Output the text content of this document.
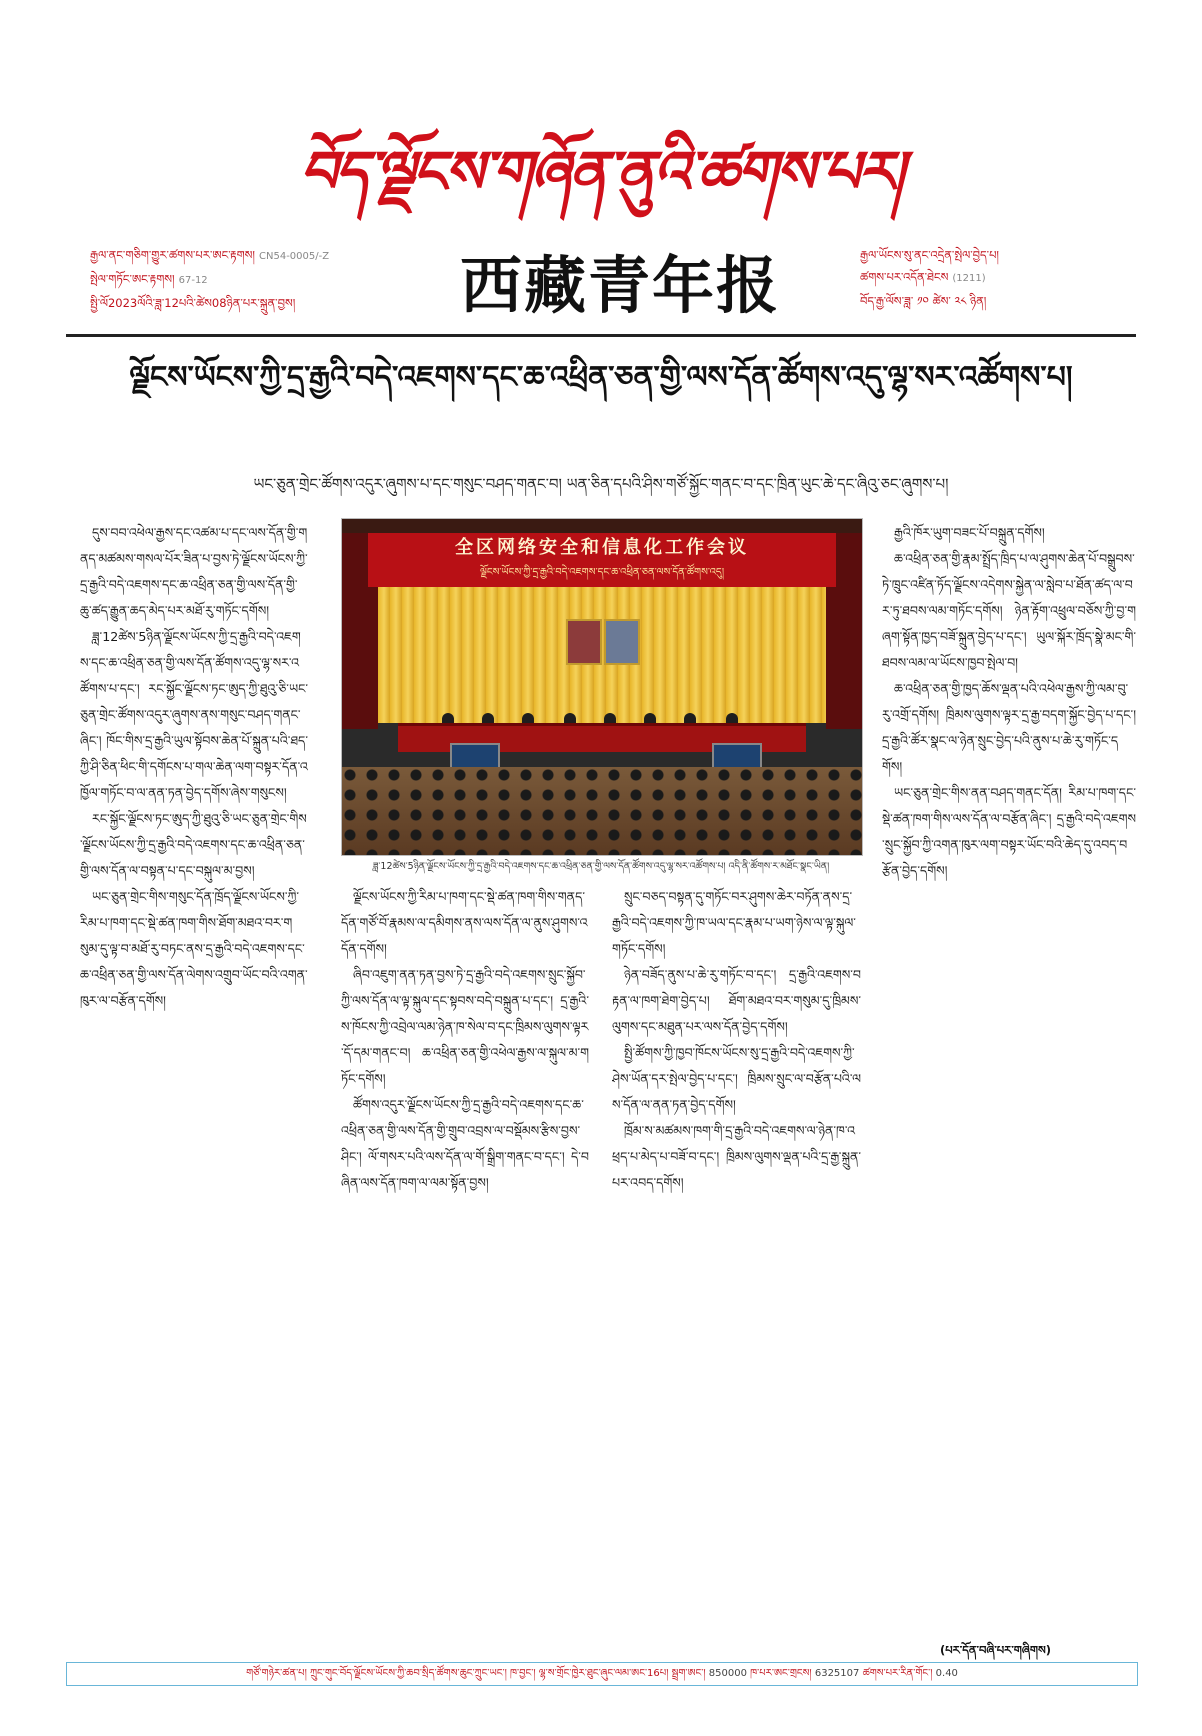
བོད་ལྗོངས་གཞོན་ནུའི་ཚགས་པར།
རྒྱལ་ནང་གཅིག་གྱུར་ཚགས་པར་ཨང་རྟགས། CN54-0005/-Z
སྤེལ་གཏོང་ཨང་རྟགས། 67-12
སྤྱི་ལོ2023ལོའི་ཟླ་12པའི་ཚེས08ཉིན་པར་སྐྲུན་བྱས།	西藏青年报	རྒྱལ་ཡོངས་སུ་ནང་འདྲེན་སྤེལ་བྱེད་པ།
ཚགས་པར་འདོན་ཐེངས (1211)
བོད་རྒྱ་ལོས་ཟླ་ ༡༠ ཚེས་ ༢༨ ཉིན།
ལྗོངས་ཡོངས་ཀྱི་དྲ་རྒྱའི་བདེ་འཇགས་དང་ཆ་འཕྲིན་ཅན་གྱི་ལས་དོན་ཚོགས་འདུ་ལྷ་སར་འཚོགས་པ།
ཡང་ཅུན་གྲེང་ཚོགས་འདུར་ཞུགས་པ་དང་གསུང་བཤད་གནང་བ། ཡན་ཅིན་དཔའི་ཤིས་གཙོ་སྐྱོང་གནང་བ་དང་ཁྲིན་ཡུང་ཆེ་དང་ཞིའུ་ཅང་ཞུགས་པ།

དུས་བབ་འཕེལ་རྒྱས་དང་འཚམ་པ་དང་ལས་དོན་གྱི་གནད་མཚམས་གསལ་པོར་ཟིན་པ་བྱས་ཏེ་ལྗོངས་ཡོངས་ཀྱི་དྲ་རྒྱའི་བདེ་འཇགས་དང་ཆ་འཕྲིན་ཅན་གྱི་ལས་དོན་གྱི་ཆུ་ཚད་རྒྱུན་ཆད་མེད་པར་མཐོ་རུ་གཏོང་དགོས།

ཟླ་12ཚེས་5ཉིན་ལྗོངས་ཡོངས་ཀྱི་དྲ་རྒྱའི་བདེ་འཇགས་དང་ཆ་འཕྲིན་ཅན་གྱི་ལས་དོན་ཚོགས་འདུ་ལྷ་སར་འཚོགས་པ་དང་། རང་སྐྱོང་ལྗོངས་ཏང་ཨུད་ཀྱི་ཐུའུ་ཅི་ཡང་ཅུན་གྲེང་ཚོགས་འདུར་ཞུགས་ནས་གསུང་བཤད་གནང་ཞིང་། ཁོང་གིས་དྲ་རྒྱའི་ཡུལ་སྟོབས་ཆེན་པོ་སྐྲུན་པའི་ཐད་ཀྱི་ཤི་ཅིན་ཕིང་གི་དགོངས་པ་གལ་ཆེན་ལག་བསྟར་དོན་འཁྱོལ་གཏོང་བ་ལ་ནན་ཏན་བྱེད་དགོས་ཞེས་གསུངས།

རང་སྐྱོང་ལྗོངས་ཏང་ཨུད་ཀྱི་ཐུའུ་ཅི་ཡང་ཅུན་གྲེང་གིས་ལྗོངས་ཡོངས་ཀྱི་དྲ་རྒྱའི་བདེ་འཇགས་དང་ཆ་འཕྲིན་ཅན་གྱི་ལས་དོན་ལ་བསྟན་པ་དང་བསྐུལ་མ་བྱས།

ཡང་ཅུན་གྲེང་གིས་གསུང་དོན་ཁྲོད་ལྗོངས་ཡོངས་ཀྱི་རིམ་པ་ཁག་དང་སྡེ་ཚན་ཁག་གིས་ཐོག་མཐའ་བར་གསུམ་དུ་ལྟ་བ་མཐོ་རུ་བཏང་ནས་དྲ་རྒྱའི་བདེ་འཇགས་དང་ཆ་འཕྲིན་ཅན་གྱི་ལས་དོན་ལེགས་འགྲུབ་ཡོང་བའི་འགན་ཁུར་ལ་བརྩོན་དགོས།

全区网络安全和信息化工作会议
ལྗོངས་ཡོངས་ཀྱི་དྲ་རྒྱའི་བདེ་འཇགས་དང་ཆ་འཕྲིན་ཅན་ལས་དོན་ཚོགས་འདུ།
ཟླ་12ཚེས་5ཉིན་ལྗོངས་ཡོངས་ཀྱི་དྲ་རྒྱའི་བདེ་འཇགས་དང་ཆ་འཕྲིན་ཅན་གྱི་ལས་དོན་ཚོགས་འདུ་ལྷ་སར་འཚོགས་པ། འདི་ནི་ཚོགས་ར་མཐོང་སྣང་ཡིན།

ལྗོངས་ཡོངས་ཀྱི་རིམ་པ་ཁག་དང་སྡེ་ཚན་ཁག་གིས་གནད་དོན་གཙོ་བོ་རྣམས་ལ་དམིགས་ནས་ལས་དོན་ལ་ནུས་ཤུགས་འདོན་དགོས།

ཞིབ་འཇུག་ནན་ཏན་བྱས་ཏེ་དྲ་རྒྱའི་བདེ་འཇགས་སྲུང་སྐྱོབ་ཀྱི་ལས་དོན་ལ་ལྟ་སྐུལ་དང་སྟབས་བདེ་བསྐྲུན་པ་དང་། དྲ་རྒྱའི་ས་ཁོངས་ཀྱི་འབྲེལ་ལམ་ཉེན་ཁ་སེལ་བ་དང་ཁྲིམས་ལུགས་ལྟར་དོ་དམ་གནང་བ། ཆ་འཕྲིན་ཅན་གྱི་འཕེལ་རྒྱས་ལ་སྐུལ་མ་གཏོང་དགོས།

ཚོགས་འདུར་ལྗོངས་ཡོངས་ཀྱི་དྲ་རྒྱའི་བདེ་འཇགས་དང་ཆ་འཕྲིན་ཅན་གྱི་ལས་དོན་གྱི་གྲུབ་འབྲས་ལ་བསྡོམས་རྩིས་བྱས་ཤིང་། ལོ་གསར་པའི་ལས་དོན་ལ་གོ་སྒྲིག་གནང་བ་དང་། དེ་བཞིན་ལས་དོན་ཁག་ལ་ལམ་སྟོན་བྱས།

སྲུང་བཅད་བསྟན་དུ་གཏོང་བར་ཤུགས་ཆེར་བཏོན་ནས་དྲ་རྒྱའི་བདེ་འཇགས་ཀྱི་ཁ་ཡལ་དང་རྣམ་པ་ཡག་ཉེས་ལ་ལྟ་སྐུལ་གཏོང་དགོས།

ཉེན་བཟོད་ནུས་པ་ཆེ་རུ་གཏོང་བ་དང་། དྲ་རྒྱའི་འཇགས་བརྟན་ལ་ཁག་ཐེག་བྱེད་པ། ཐོག་མཐའ་བར་གསུམ་དུ་ཁྲིམས་ལུགས་དང་མཐུན་པར་ལས་དོན་བྱེད་དགོས།

སྤྱི་ཚོགས་ཀྱི་ཁྱབ་ཁོངས་ཡོངས་སུ་དྲ་རྒྱའི་བདེ་འཇགས་ཀྱི་ཤེས་ཡོན་དར་སྤེལ་བྱེད་པ་དང་། ཁྲིམས་སྲུང་ལ་བརྩོན་པའི་ལས་དོན་ལ་ནན་ཏན་བྱེད་དགོས།

ཁྲོམ་ས་མཚམས་ཁག་གི་དྲ་རྒྱའི་བདེ་འཇགས་ལ་ཉེན་ཁ་འཕྲད་པ་མེད་པ་བཟོ་བ་དང་། ཁྲིམས་ལུགས་ལྡན་པའི་དྲ་རྒྱ་སྐྲུན་པར་འབད་དགོས།

རྒྱའི་ཁོར་ཡུག་བཟང་པོ་བསྐྲུན་དགོས།

ཆ་འཕྲིན་ཅན་གྱི་རྣམ་སྤྲོད་ཁྲིད་པ་ལ་ཤུགས་ཆེན་པོ་བསྒྲུབས་ཏེ་ཁྲུང་འཛིན་ཏོད་ལྗོངས་འདེགས་སྐྱེན་ལ་སླེབ་པ་ཐོན་ཚད་ལ་བར་ཏུ་ཐབས་ལམ་གཏོང་དགོས། ཉེན་རྟོག་འཕྲུལ་བཅོས་ཀྱི་བྱ་གཞག་སྟོན་ཁྱད་བཟོ་སྐྲུན་བྱེད་པ་དང་། ཡུལ་སྐོར་ཁྲོད་སྣེ་མང་གི་ཐབས་ལམ་ལ་ཡོངས་ཁྱབ་སྤེལ་བ།

ཆ་འཕྲིན་ཅན་གྱི་ཁྱད་ཆོས་ལྡན་པའི་འཕེལ་རྒྱས་ཀྱི་ལམ་བུ་རུ་འགྲོ་དགོས། ཁྲིམས་ལུགས་ལྟར་དྲ་རྒྱ་བདག་སྐྱོང་བྱེད་པ་དང་། དྲ་རྒྱའི་ཚོར་སྣང་ལ་ཉེན་སྲུང་བྱེད་པའི་ནུས་པ་ཆེ་རུ་གཏོང་དགོས།

ཡང་ཅུན་གྲེང་གིས་ནན་བཤད་གནང་དོན། རིམ་པ་ཁག་དང་སྡེ་ཚན་ཁག་གིས་ལས་དོན་ལ་བརྩོན་ཞིང་། དྲ་རྒྱའི་བདེ་འཇགས་སྲུང་སྐྱོབ་ཀྱི་འགན་ཁུར་ལག་བསྟར་ཡོང་བའི་ཆེད་དུ་འབད་བརྩོན་བྱེད་དགོས།

(པར་དོན་བཞི་པར་གཞིགས)
གཙོ་གཉེར་ཚན་པ། ཀྲུང་གུང་བོད་ལྗོངས་ཡོངས་ཀྱི་ཆབ་སྲིད་ཚོགས་ཆུང་ཀྲུང་ཡང་། ཁ་བྱང་། ལྷ་ས་གྲོང་ཁྱེར་ཐུང་ཞུང་ལམ་ཨང་16པ། སྦྲག་ཨང་། 850000 ཁ་པར་ཨང་གྲངས། 6325107 ཚགས་པར་རིན་གོང་། 0.40
